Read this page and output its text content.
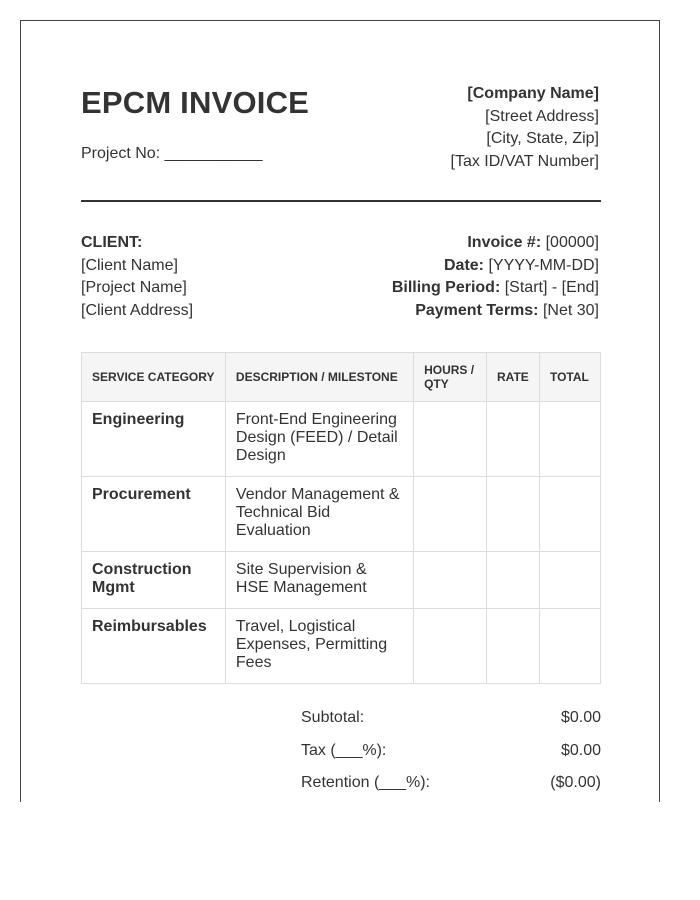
EPCM INVOICE
Project No: ___________
[Company Name]
[Street Address]
[City, State, Zip]
[Tax ID/VAT Number]
CLIENT:
[Client Name]
[Project Name]
[Client Address]
Invoice #: [00000]
Date: [YYYY-MM-DD]
Billing Period: [Start] - [End]
Payment Terms: [Net 30]
SERVICE CATEGORY	DESCRIPTION / MILESTONE	HOURS / QTY	RATE	TOTAL
Engineering	Front-End Engineering Design (FEED) / Detail Design			
Procurement	Vendor Management & Technical Bid Evaluation			
Construction Mgmt	Site Supervision & HSE Management			
Reimbursables	Travel, Logistical Expenses, Permitting Fees			
Subtotal:	$0.00
Tax (___%):	$0.00
Retention (___%):	($0.00)
